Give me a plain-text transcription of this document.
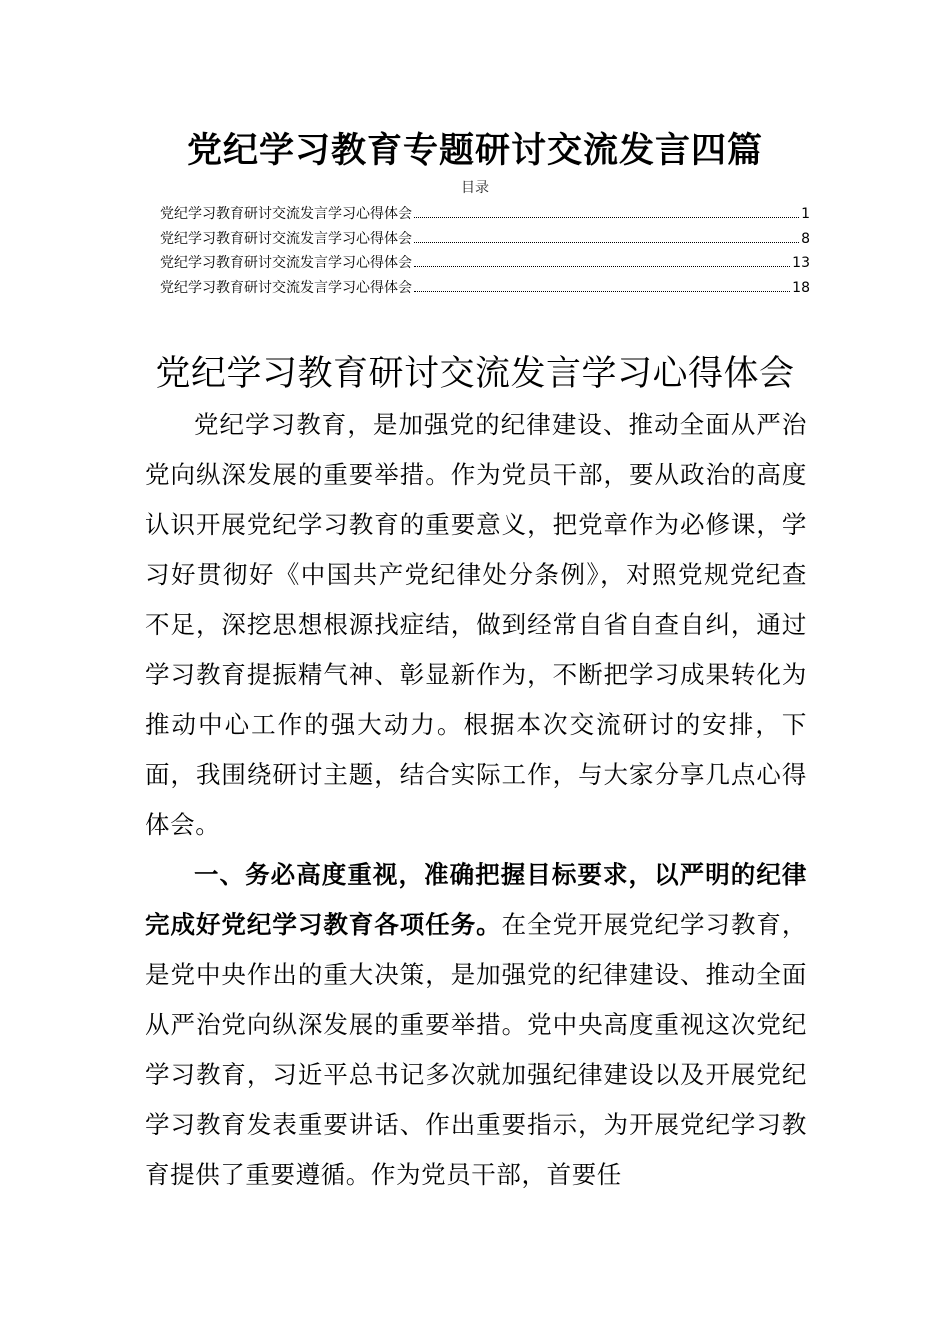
党纪学习教育专题研讨交流发言四篇
目录
党纪学习教育研讨交流发言学习心得体会	1
党纪学习教育研讨交流发言学习心得体会	8
党纪学习教育研讨交流发言学习心得体会	13
党纪学习教育研讨交流发言学习心得体会	18
党纪学习教育研讨交流发言学习心得体会

党纪学习教育，是加强党的纪律建设、推动全面从严治党向纵深发展的重要举措。作为党员干部，要从政治的高度认识开展党纪学习教育的重要意义，把党章作为必修课，学习好贯彻好《中国共产党纪律处分条例》，对照党规党纪查不足，深挖思想根源找症结，做到经常自省自查自纠，通过学习教育提振精气神、彰显新作为，不断把学习成果转化为推动中心工作的强大动力。根据本次交流研讨的安排，下面，我围绕研讨主题，结合实际工作，与大家分享几点心得体会。

一、务必高度重视，准确把握目标要求，以严明的纪律完成好党纪学习教育各项任务。在全党开展党纪学习教育，是党中央作出的重大决策，是加强党的纪律建设、推动全面从严治党向纵深发展的重要举措。党中央高度重视这次党纪学习教育，习近平总书记多次就加强纪律建设以及开展党纪学习教育发表重要讲话、作出重要指示，为开展党纪学习教育提供了重要遵循。作为党员干部，首要任
